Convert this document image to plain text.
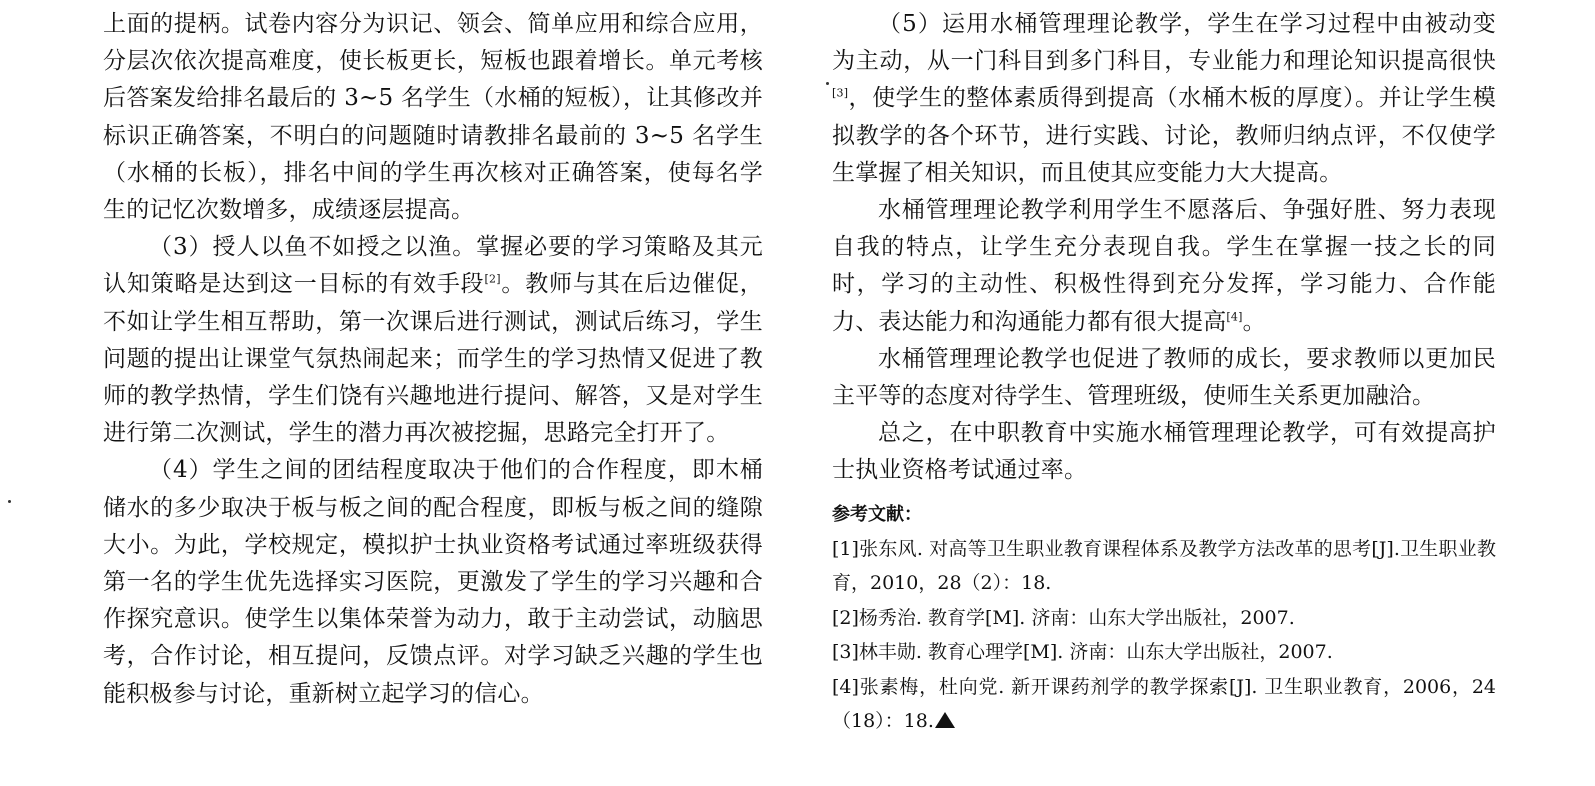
上面的提柄。试卷内容分为识记、领会、简单应用和综合应用，分层次依次提高难度，使长板更长，短板也跟着增长。单元考核后答案发给排名最后的 3~5 名学生（水桶的短板），让其修改并标识正确答案，不明白的问题随时请教排名最前的 3~5 名学生（水桶的长板），排名中间的学生再次核对正确答案，使每名学生的记忆次数增多，成绩逐层提高。

（3）授人以鱼不如授之以渔。掌握必要的学习策略及其元认知策略是达到这一目标的有效手段[2]。教师与其在后边催促，不如让学生相互帮助，第一次课后进行测试，测试后练习，学生问题的提出让课堂气氛热闹起来；而学生的学习热情又促进了教师的教学热情，学生们饶有兴趣地进行提问、解答，又是对学生进行第二次测试，学生的潜力再次被挖掘，思路完全打开了。

（4）学生之间的团结程度取决于他们的合作程度，即木桶储水的多少取决于板与板之间的配合程度，即板与板之间的缝隙大小。为此，学校规定，模拟护士执业资格考试通过率班级获得第一名的学生优先选择实习医院，更激发了学生的学习兴趣和合作探究意识。使学生以集体荣誉为动力，敢于主动尝试，动脑思考，合作讨论，相互提问，反馈点评。对学习缺乏兴趣的学生也能积极参与讨论，重新树立起学习的信心。

（5）运用水桶管理理论教学，学生在学习过程中由被动变为主动，从一门科目到多门科目，专业能力和理论知识提高很快[3]，使学生的整体素质得到提高（水桶木板的厚度）。并让学生模拟教学的各个环节，进行实践、讨论，教师归纳点评，不仅使学生掌握了相关知识，而且使其应变能力大大提高。

水桶管理理论教学利用学生不愿落后、争强好胜、努力表现自我的特点，让学生充分表现自我。学生在掌握一技之长的同时，学习的主动性、积极性得到充分发挥，学习能力、合作能力、表达能力和沟通能力都有很大提高[4]。

水桶管理理论教学也促进了教师的成长，要求教师以更加民主平等的态度对待学生、管理班级，使师生关系更加融洽。

总之，在中职教育中实施水桶管理理论教学，可有效提高护士执业资格考试通过率。

参考文献：

[1]张东风. 对高等卫生职业教育课程体系及教学方法改革的思考[J].卫生职业教育，2010，28（2）：18.

[2]杨秀治. 教育学[M]. 济南：山东大学出版社，2007.

[3]林丰勋. 教育心理学[M]. 济南：山东大学出版社，2007.

[4]张素梅，杜向党. 新开课药剂学的教学探索[J]. 卫生职业教育，2006，24（18）：18.
